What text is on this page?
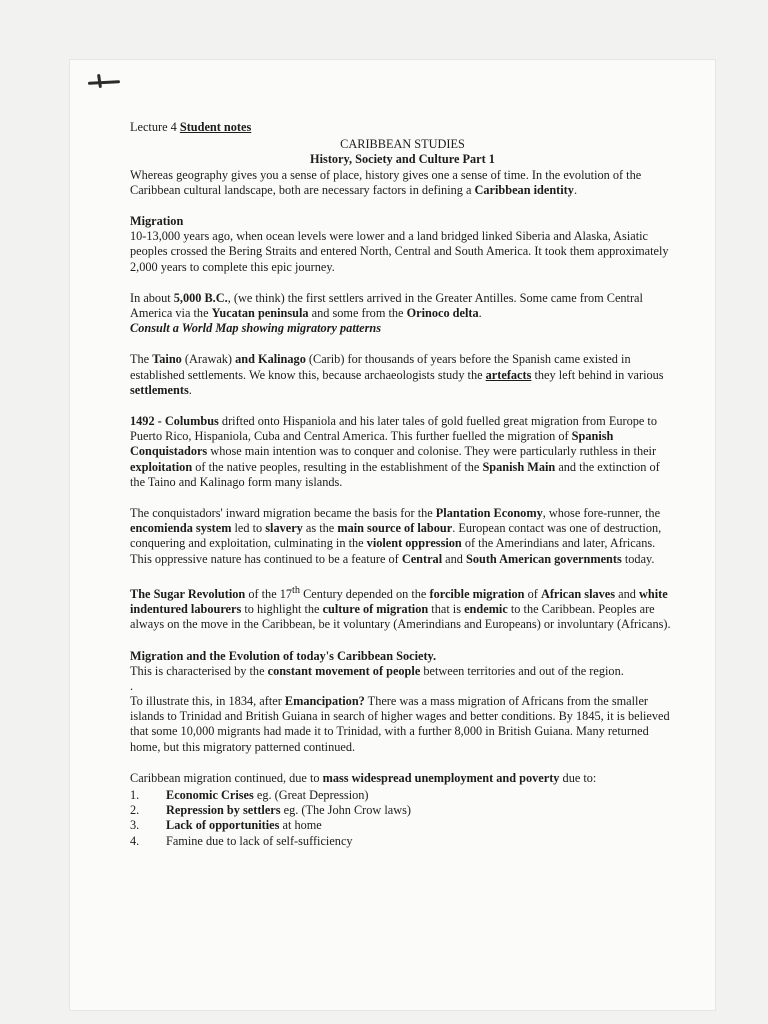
Lecture 4 Student notes

CARIBBEAN STUDIES

History, Society and Culture Part 1

Whereas geography gives you a sense of place, history gives one a sense of time. In the evolution of the Caribbean cultural landscape, both are necessary factors in defining a Caribbean identity.

Migration

10-13,000 years ago, when ocean levels were lower and a land bridged linked Siberia and Alaska, Asiatic peoples crossed the Bering Straits and entered North, Central and South America. It took them approximately 2,000 years to complete this epic journey.

In about 5,000 B.C., (we think) the first settlers arrived in the Greater Antilles. Some came from Central America via the Yucatan peninsula and some from the Orinoco delta.

Consult a World Map showing migratory patterns

The Taino (Arawak) and Kalinago (Carib) for thousands of years before the Spanish came existed in established settlements. We know this, because archaeologists study the artefacts they left behind in various settlements.

1492 - Columbus drifted onto Hispaniola and his later tales of gold fuelled great migration from Europe to Puerto Rico, Hispaniola, Cuba and Central America. This further fuelled the migration of Spanish Conquistadors whose main intention was to conquer and colonise. They were particularly ruthless in their exploitation of the native peoples, resulting in the establishment of the Spanish Main and the extinction of the Taino and Kalinago form many islands.

The conquistadors' inward migration became the basis for the Plantation Economy, whose fore-runner, the encomienda system led to slavery as the main source of labour. European contact was one of destruction, conquering and exploitation, culminating in the violent oppression of the Amerindians and later, Africans. This oppressive nature has continued to be a feature of Central and South American governments today.

The Sugar Revolution of the 17th Century depended on the forcible migration of African slaves and white indentured labourers to highlight the culture of migration that is endemic to the Caribbean. Peoples are always on the move in the Caribbean, be it voluntary (Amerindians and Europeans) or involuntary (Africans).

Migration and the Evolution of today's Caribbean Society.

This is characterised by the constant movement of people between territories and out of the region.

.

To illustrate this, in 1834, after Emancipation? There was a mass migration of Africans from the smaller islands to Trinidad and British Guiana in search of higher wages and better conditions. By 1845, it is believed that some 10,000 migrants had made it to Trinidad, with a further 8,000 in British Guiana. Many returned home, but this migratory patterned continued.

Caribbean migration continued, due to mass widespread unemployment and poverty due to:

1.	Economic Crises eg. (Great Depression)
2.	Repression by settlers eg. (The John Crow laws)
3.	Lack of opportunities at home
4.	Famine due to lack of self-sufficiency
